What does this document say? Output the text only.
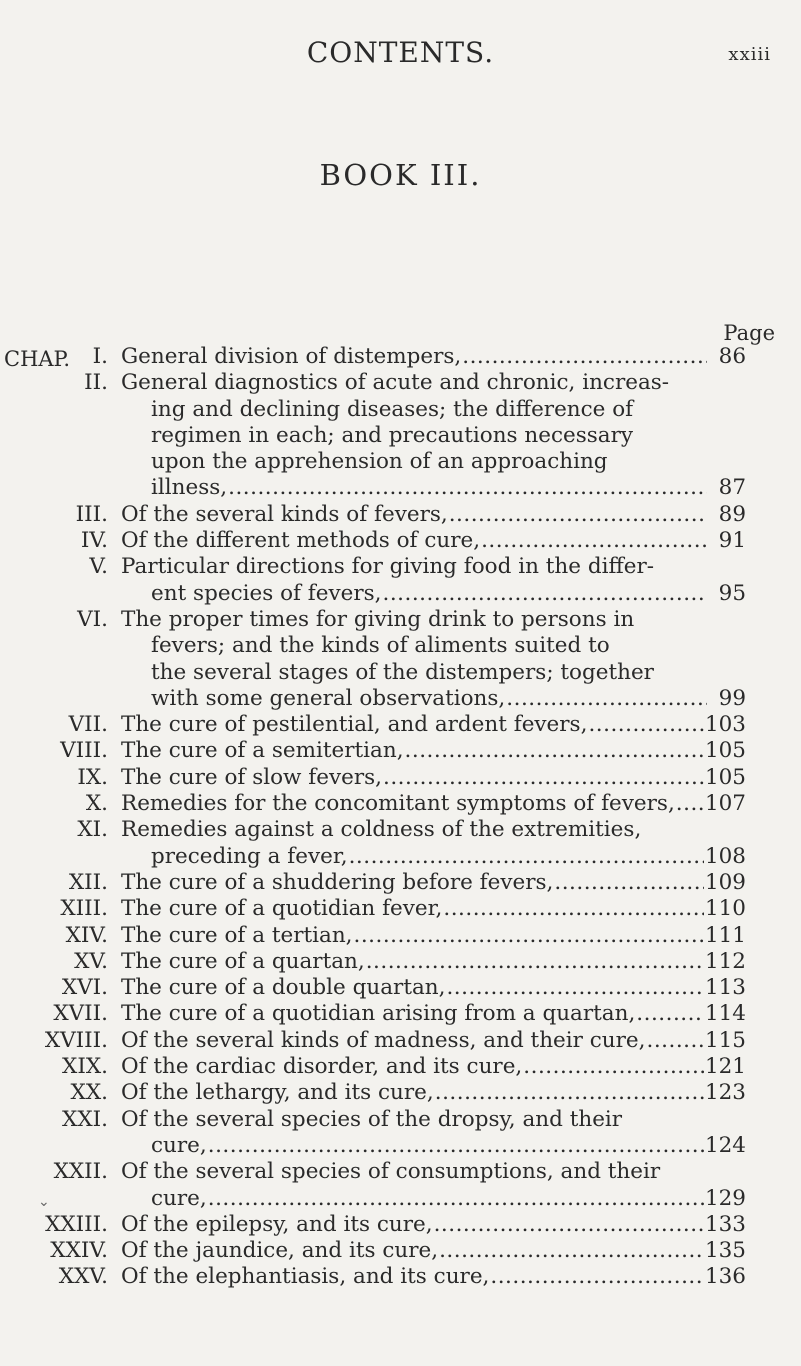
CONTENTS.	xxiii
BOOK III.
Page
CHAP.	I. General division of distempers, .....	86
II. General diagnostics of acute and chronic, increas-
ing and declining diseases; the difference of
regimen in each; and precautions necessary
upon the apprehension of an approaching
illness, .....	87
III. Of the several kinds of fevers, .....	89
IV. Of the different methods of cure, .....	91
V. Particular directions for giving food in the differ-
ent species of fevers, .....	95
VI. The proper times for giving drink to persons in
fevers; and the kinds of aliments suited to
the several stages of the distempers; together
with some general observations, .....	99
VII. The cure of pestilential, and ardent fevers, .....	103
VIII. The cure of a semitertian, .....	105
IX. The cure of slow fevers, .....	105
X. Remedies for the concomitant symptoms of fevers, ..... 107
XI. Remedies against a coldness of the extremities,
preceding a fever, .....	108
XII. The cure of a shuddering before fevers, .....	109
XIII. The cure of a quotidian fever, .....	110
XIV. The cure of a tertian, .....	111
XV. The cure of a quartan, .....	112
XVI. The cure of a double quartan, .....	113
XVII. The cure of a quotidian arising from a quartan, .....	114
XVIII. Of the several kinds of madness, and their cure, .....	115
XIX. Of the cardiac disorder, and its cure, .....	121
XX. Of the lethargy, and its cure, .....	123
XXI. Of the several species of the dropsy, and their
cure, .....	124
XXII. Of the several species of consumptions, and their
cure, .....	129
XXIII. Of the epilepsy, and its cure, .....	133
XXIV. Of the jaundice, and its cure, .....	135
XXV. Of the elephantiasis, and its cure, .....	136
⌄
